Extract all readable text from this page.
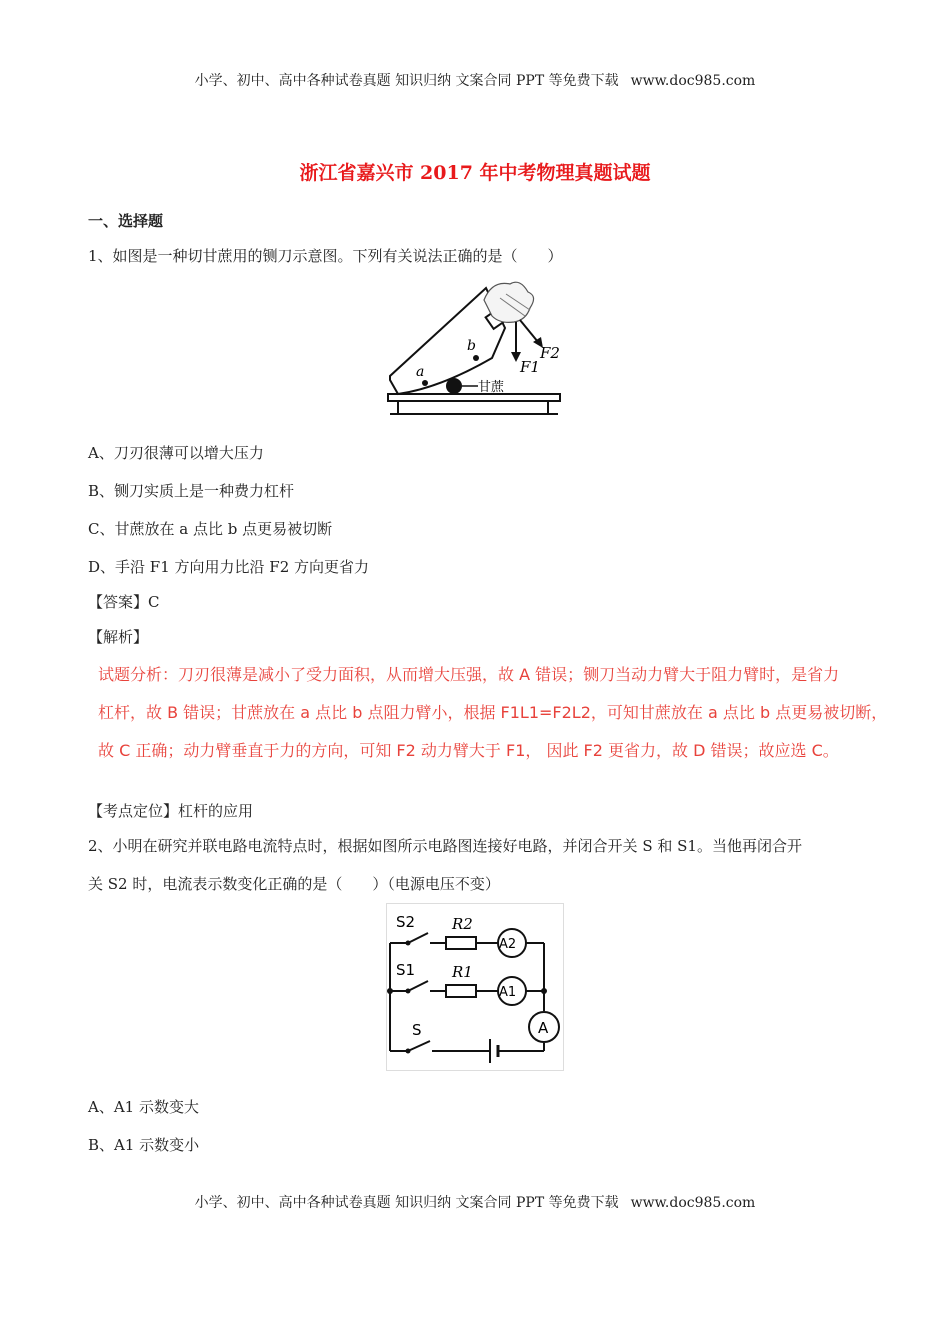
小学、初中、高中各种试卷真题 知识归纳 文案合同 PPT 等免费下载 www.doc985.com
浙江省嘉兴市 2017 年中考物理真题试题
一、选择题
1、如图是一种切甘蔗用的铡刀示意图。下列有关说法正确的是（　　）
a
b
甘蔗
F1
F2
A、刀刃很薄可以增大压力
B、铡刀实质上是一种费力杠杆
C、甘蔗放在 a 点比 b 点更易被切断
D、手沿 F1 方向用力比沿 F2 方向更省力
【答案】C
【解析】
试题分析：刀刃很薄是减小了受力面积，从而增大压强，故 A 错误；铡刀当动力臂大于阻力臂时，是省力
杠杆，故 B 错误；甘蔗放在 a 点比 b 点阻力臂小，根据 F1L1=F2L2，可知甘蔗放在 a 点比 b 点更易被切断，
故 C 正确；动力臂垂直于力的方向，可知 F2 动力臂大于 F1， 因此 F2 更省力，故 D 错误；故应选 C。
【考点定位】杠杆的应用
2、小明在研究并联电路电流特点时，根据如图所示电路图连接好电路，并闭合开关 S 和 S1。当他再闭合开
关 S2 时，电流表示数变化正确的是（　　）（电源电压不变）
S2 R2
A2
S1 R1
A1
A
S
A、A1 示数变大
B、A1 示数变小
小学、初中、高中各种试卷真题 知识归纳 文案合同 PPT 等免费下载 www.doc985.com
